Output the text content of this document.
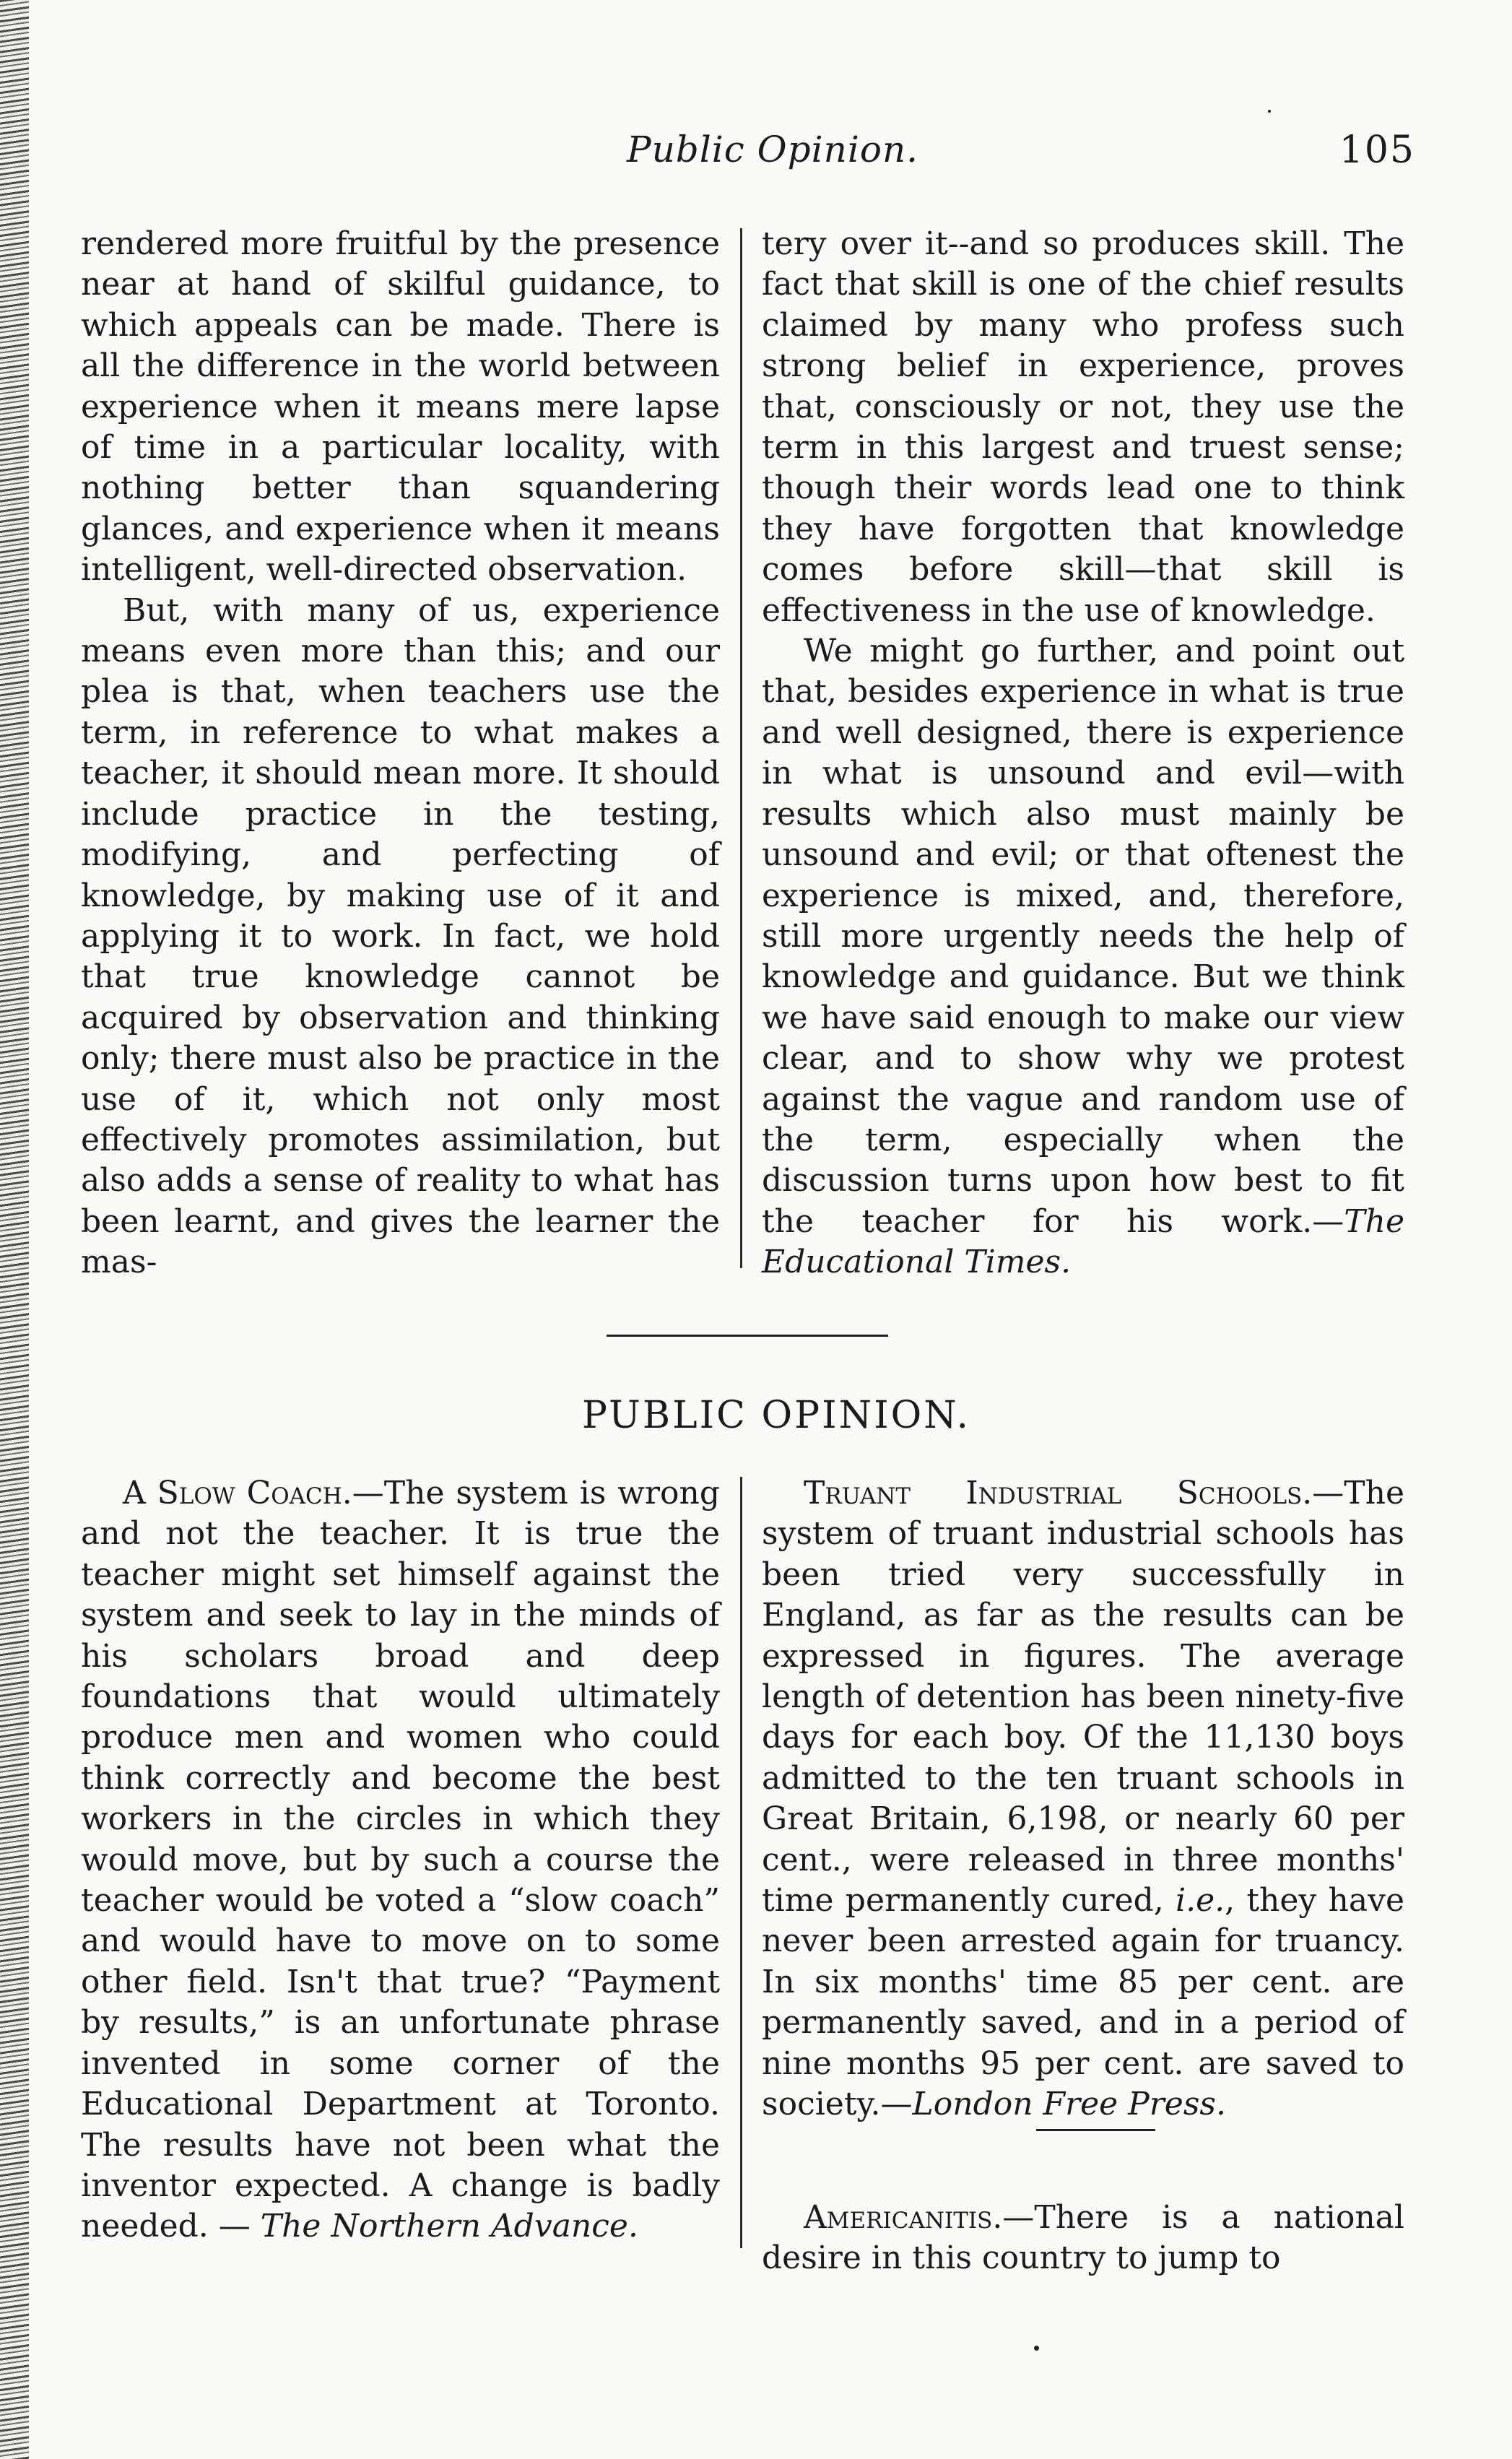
Public Opinion.	105

rendered more fruitful by the presence near at hand of skilful guidance, to which appeals can be made. There is all the difference in the world between experience when it means mere lapse of time in a particular locality, with nothing better than squandering glances, and experience when it means intelligent, well-directed observation.

But, with many of us, experience means even more than this; and our plea is that, when teachers use the term, in reference to what makes a teacher, it should mean more. It should include practice in the testing, modifying, and perfecting of knowledge, by making use of it and applying it to work. In fact, we hold that true knowledge cannot be acquired by observation and thinking only; there must also be practice in the use of it, which not only most effectively promotes assimilation, but also adds a sense of reality to what has been learnt, and gives the learner the mas-

tery over it--and so produces skill. The fact that skill is one of the chief results claimed by many who profess such strong belief in experience, proves that, consciously or not, they use the term in this largest and truest sense; though their words lead one to think they have forgotten that knowledge comes before skill—that skill is effectiveness in the use of knowledge.

We might go further, and point out that, besides experience in what is true and well designed, there is experience in what is unsound and evil—with results which also must mainly be unsound and evil; or that oftenest the experience is mixed, and, therefore, still more urgently needs the help of knowledge and guidance. But we think we have said enough to make our view clear, and to show why we protest against the vague and random use of the term, especially when the discussion turns upon how best to fit the teacher for his work.—The Educational Times.

PUBLIC OPINION.

A Slow Coach.—The system is wrong and not the teacher. It is true the teacher might set himself against the system and seek to lay in the minds of his scholars broad and deep foundations that would ultimately produce men and women who could think correctly and become the best workers in the circles in which they would move, but by such a course the teacher would be voted a “slow coach” and would have to move on to some other field. Isn't that true? “Payment by results,” is an unfortunate phrase invented in some corner of the Educational Department at Toronto. The results have not been what the inventor expected. A change is badly needed. — The Northern Advance.

Truant Industrial Schools.—The system of truant industrial schools has been tried very successfully in England, as far as the results can be expressed in figures. The average length of detention has been ninety-five days for each boy. Of the 11,130 boys admitted to the ten truant schools in Great Britain, 6,198, or nearly 60 per cent., were released in three months' time permanently cured, i.e., they have never been arrested again for truancy. In six months' time 85 per cent. are permanently saved, and in a period of nine months 95 per cent. are saved to society.—London Free Press.

Americanitis.—There is a national desire in this country to jump to
